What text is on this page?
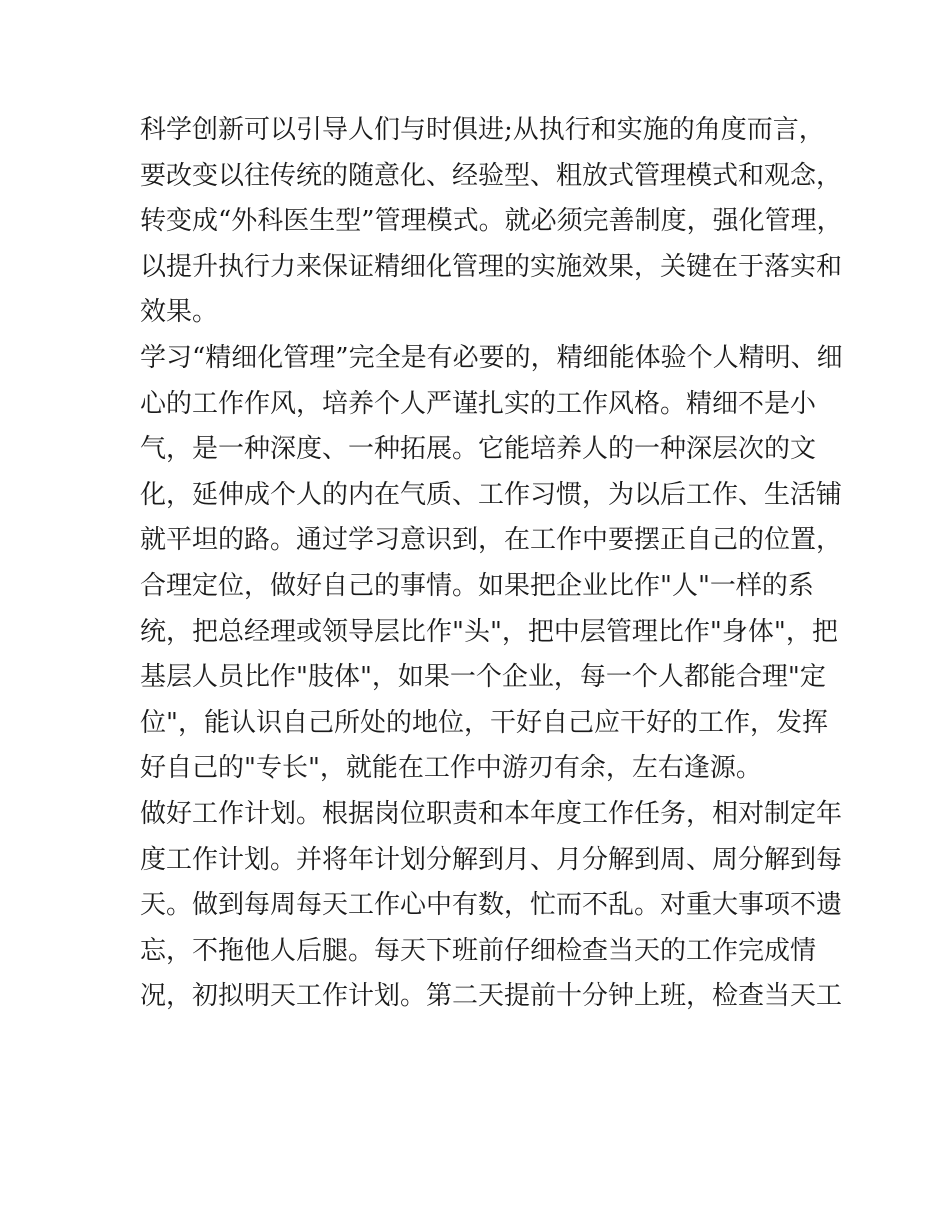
科学创新可以引导人们与时俱进;从执行和实施的角度而言，
要改变以往传统的随意化、经验型、粗放式管理模式和观念，
转变成“外科医生型”管理模式。就必须完善制度，强化管理，
以提升执行力来保证精细化管理的实施效果，关键在于落实和
效果。
学习“精细化管理”完全是有必要的，精细能体验个人精明、细
心的工作作风，培养个人严谨扎实的工作风格。精细不是小
气，是一种深度、一种拓展。它能培养人的一种深层次的文
化，延伸成个人的内在气质、工作习惯，为以后工作、生活铺
就平坦的路。通过学习意识到，在工作中要摆正自己的位置，
合理定位，做好自己的事情。如果把企业比作"人"一样的系
统，把总经理或领导层比作"头"，把中层管理比作"身体"，把
基层人员比作"肢体"，如果一个企业，每一个人都能合理"定
位"，能认识自己所处的地位，干好自己应干好的工作，发挥
好自己的"专长"，就能在工作中游刃有余，左右逢源。
做好工作计划。根据岗位职责和本年度工作任务，相对制定年
度工作计划。并将年计划分解到月、月分解到周、周分解到每
天。做到每周每天工作心中有数，忙而不乱。对重大事项不遗
忘，不拖他人后腿。每天下班前仔细检查当天的工作完成情
况，初拟明天工作计划。第二天提前十分钟上班，检查当天工
